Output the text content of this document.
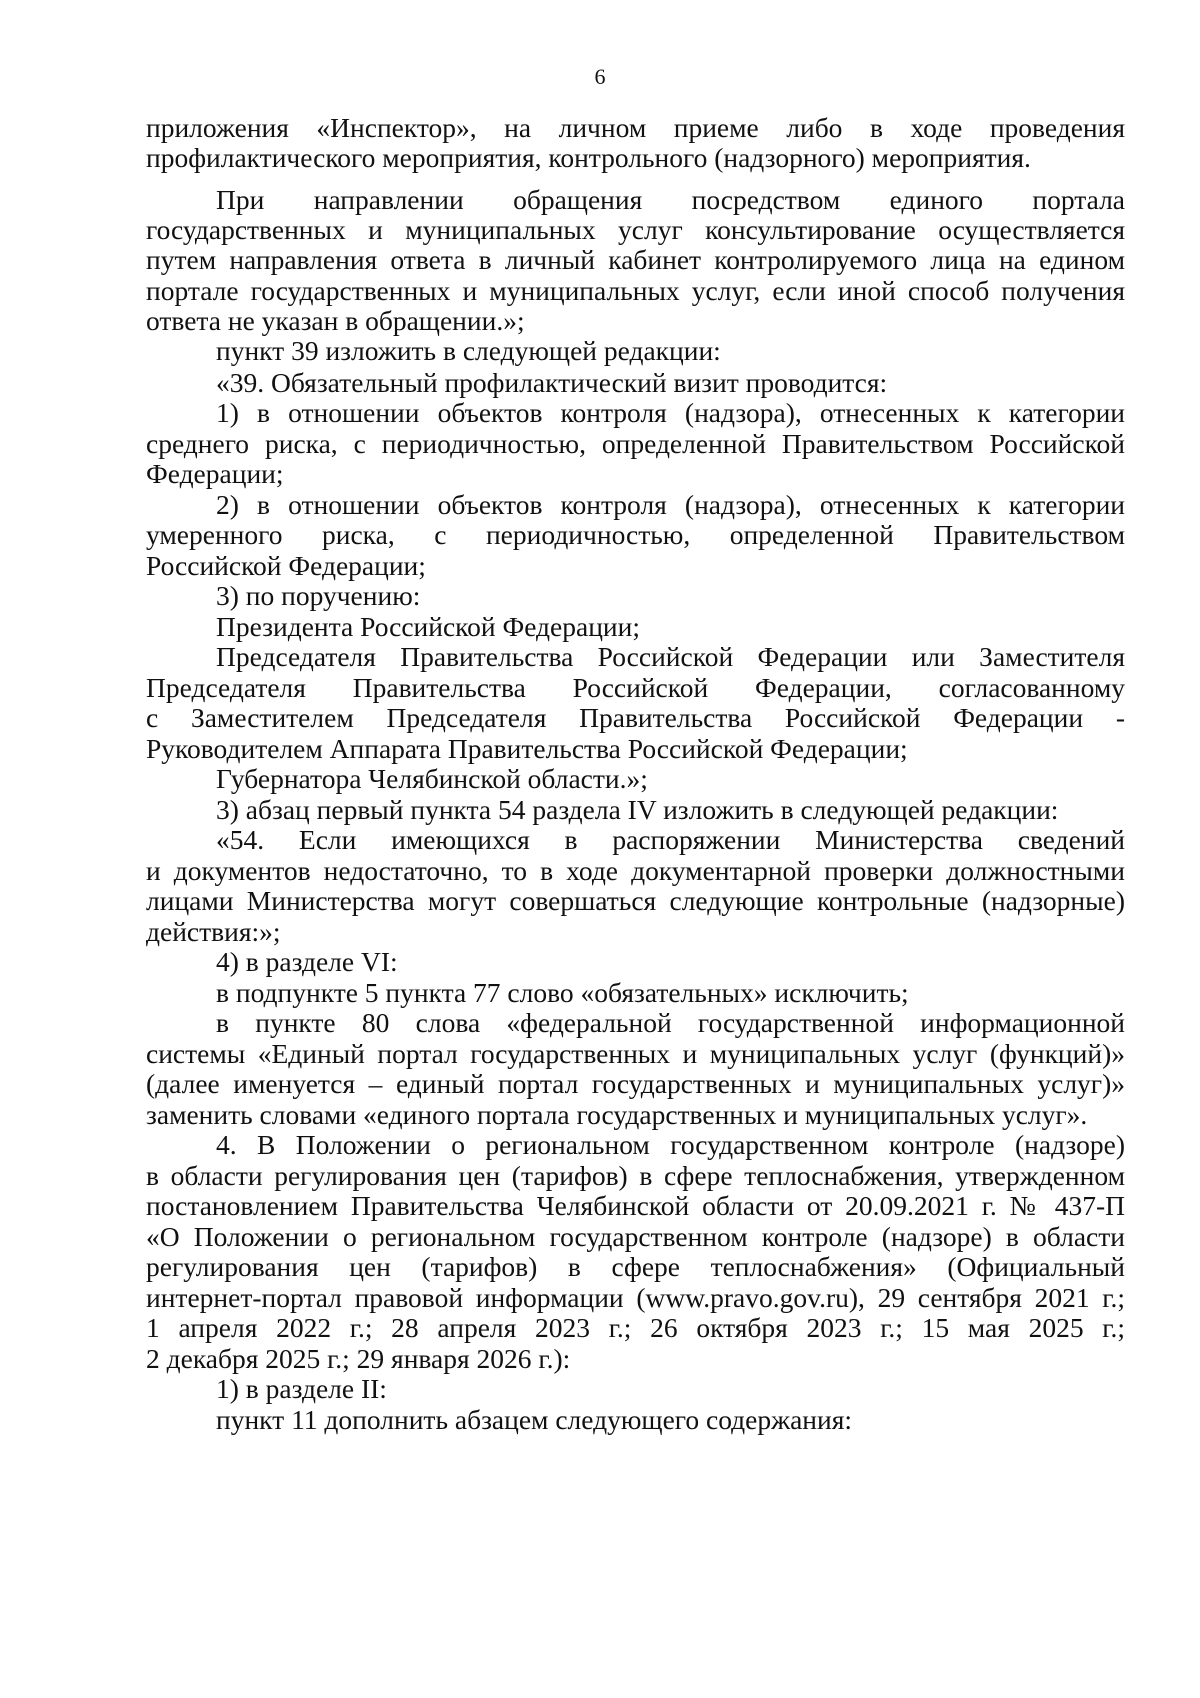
6
приложения «Инспектор», на личном приеме либо в ходе проведения
профилактического мероприятия, контрольного (надзорного) мероприятия.
При направлении обращения посредством единого портала
государственных и муниципальных услуг консультирование осуществляется
путем направления ответа в личный кабинет контролируемого лица на едином
портале государственных и муниципальных услуг, если иной способ получения
ответа не указан в обращении.»;
пункт 39 изложить в следующей редакции:
«39. Обязательный профилактический визит проводится:
1) в отношении объектов контроля (надзора), отнесенных к категории
среднего риска, с периодичностью, определенной Правительством Российской
Федерации;
2) в отношении объектов контроля (надзора), отнесенных к категории
умеренного риска, с периодичностью, определенной Правительством
Российской Федерации;
3) по поручению:
Президента Российской Федерации;
Председателя Правительства Российской Федерации или Заместителя
Председателя Правительства Российской Федерации, согласованному
с Заместителем Председателя Правительства Российской Федерации -
Руководителем Аппарата Правительства Российской Федерации;
Губернатора Челябинской области.»;
3) абзац первый пункта 54 раздела IV изложить в следующей редакции:
«54. Если имеющихся в распоряжении Министерства сведений
и документов недостаточно, то в ходе документарной проверки должностными
лицами Министерства могут совершаться следующие контрольные (надзорные)
действия:»;
4) в разделе VI:
в подпункте 5 пункта 77 слово «обязательных» исключить;
в пункте 80 слова «федеральной государственной информационной
системы «Единый портал государственных и муниципальных услуг (функций)»
(далее именуется – единый портал государственных и муниципальных услуг)»
заменить словами «единого портала государственных и муниципальных услуг».
4. В Положении о региональном государственном контроле (надзоре)
в области регулирования цен (тарифов) в сфере теплоснабжения, утвержденном
постановлением Правительства Челябинской области от 20.09.2021 г. № 437-П
«О Положении о региональном государственном контроле (надзоре) в области
регулирования цен (тарифов) в сфере теплоснабжения» (Официальный
интернет-портал правовой информации (www.pravo.gov.ru), 29 сентября 2021 г.;
1 апреля 2022 г.; 28 апреля 2023 г.; 26 октября 2023 г.; 15 мая 2025 г.;
2 декабря 2025 г.; 29 января 2026 г.):
1) в разделе II:
пункт 11 дополнить абзацем следующего содержания:
